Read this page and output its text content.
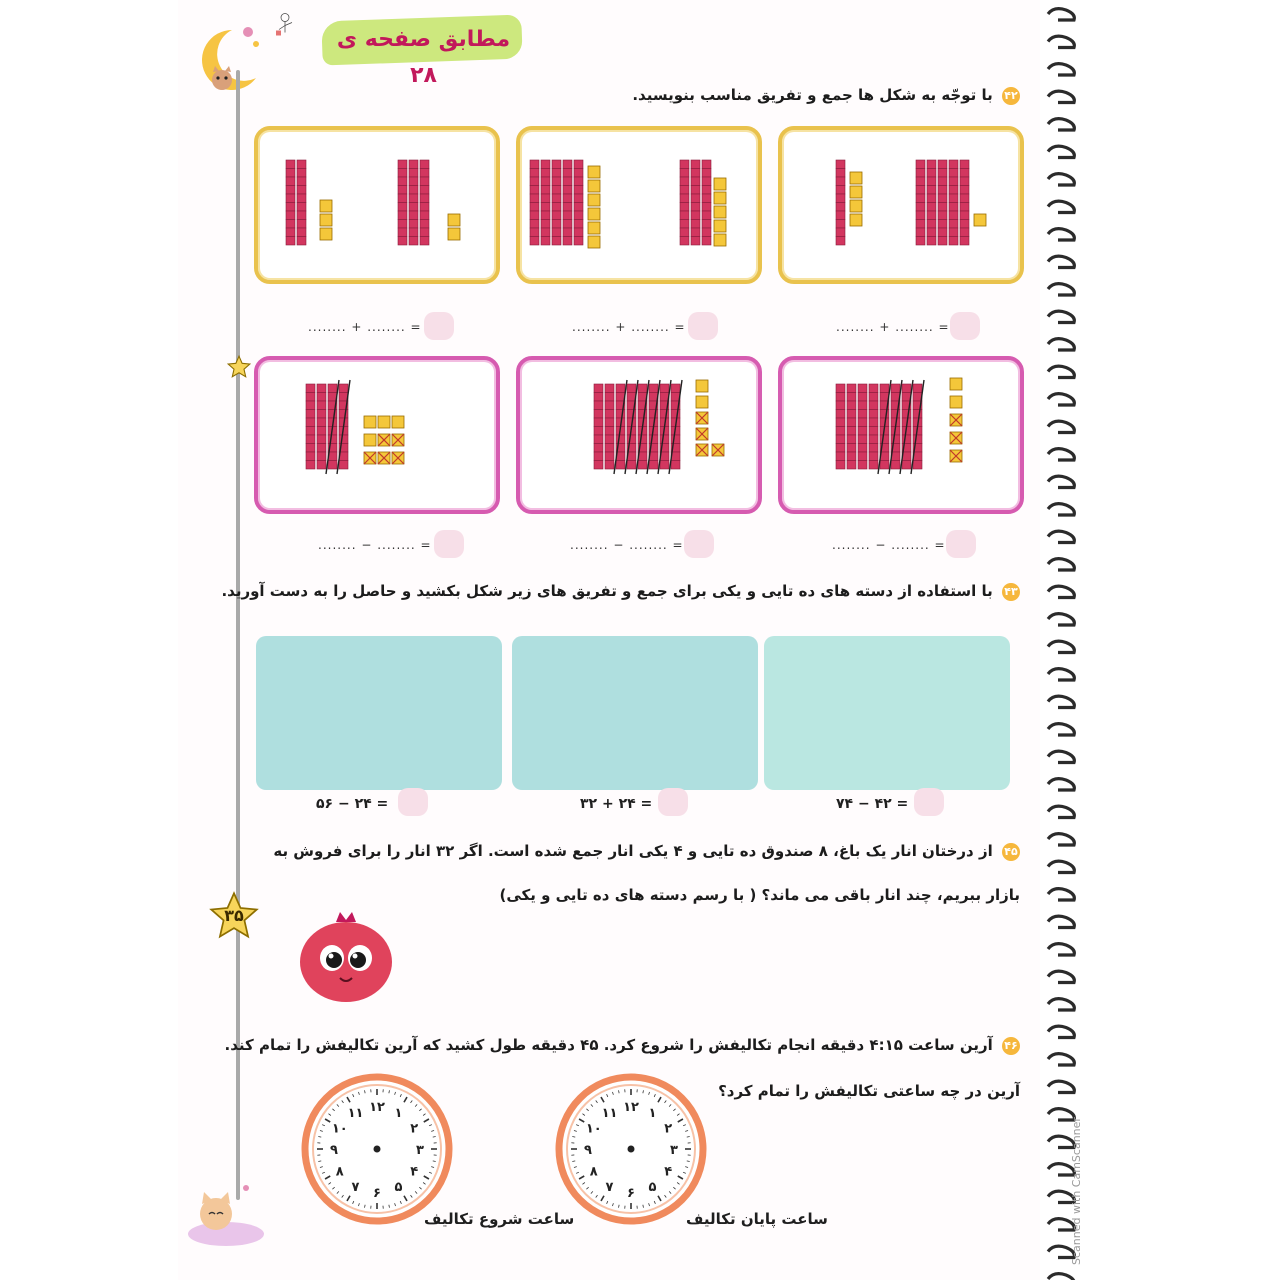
مطابق صفحه ی ۲۸
۳۵
۴۲ با توجّه به شکل ها جمع و تفریق مناسب بنویسید.
........ + ........ =
........ + ........ =
........ + ........ =
........ − ........ =
........ − ........ =
........ − ........ =
۴۳ با استفاده از دسته های ده تایی و یکی برای جمع و تفریق های زیر شکل بکشید و حاصل را به دست آورید.
۷۴ − ۴۲ =
۳۲ + ۲۴ =
۵۶ − ۲۴ =
۴۵ از درختان انار یک باغ، ۸ صندوق ده تایی و ۴ یکی انار جمع شده است. اگر ۳۲ انار را برای فروش به
بازار ببریم، چند انار باقی می ماند؟ ( با رسم دسته های ده تایی و یکی)
۴۶ آرین ساعت ۴:۱۵ دقیقه انجام تکالیفش را شروع کرد. ۴۵ دقیقه طول کشید که آرین تکالیفش را تمام کند.
آرین در چه ساعتی تکالیفش را تمام کرد؟
۱۲ ۱
۲
۳
۴
۵
۶
۷
۸
۹
۱۰
۱۱
۱۲ ۱
۲
۳
۴
۵
۶
۷
۸
۹
۱۰
۱۱
ساعت پایان تکالیف
ساعت شروع تکالیف	Scanned with CamScanner
